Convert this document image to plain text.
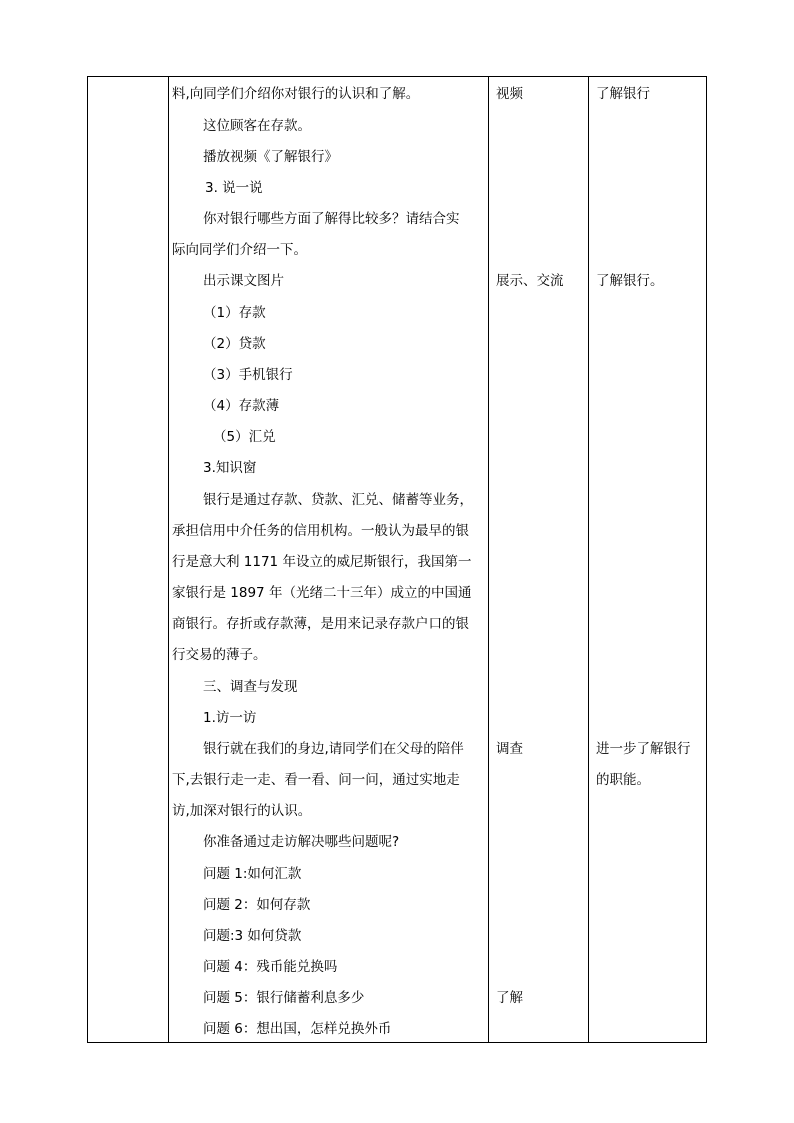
料,向同学们介绍你对银行的认识和了解。
这位顾客在存款。
播放视频《了解银行》
3. 说一说
你对银行哪些方面了解得比较多？请结合实
际向同学们介绍一下。
出示课文图片
（1）存款
（2）贷款
（3）手机银行
（4）存款薄
（5）汇兑
3.知识窗
银行是通过存款、贷款、汇兑、储蓄等业务，
承担信用中介任务的信用机构。一般认为最早的银
行是意大利 1171 年设立的威尼斯银行，我国第一
家银行是 1897 年（光绪二十三年）成立的中国通
商银行。存折或存款薄，是用来记录存款户口的银
行交易的薄子。
三、调查与发现
1.访一访
银行就在我们的身边,请同学们在父母的陪伴
下,去银行走一走、看一看、问一问，通过实地走
访,加深对银行的认识。
你准备通过走访解决哪些问题呢?
问题 1:如何汇款
问题 2：如何存款
问题:3 如何贷款
问题 4：残币能兑换吗
问题 5：银行储蓄利息多少
问题 6：想出国，怎样兑换外币
视频
展示、交流
调查
了解
了解银行
了解银行。
进一步了解银行
的职能。
